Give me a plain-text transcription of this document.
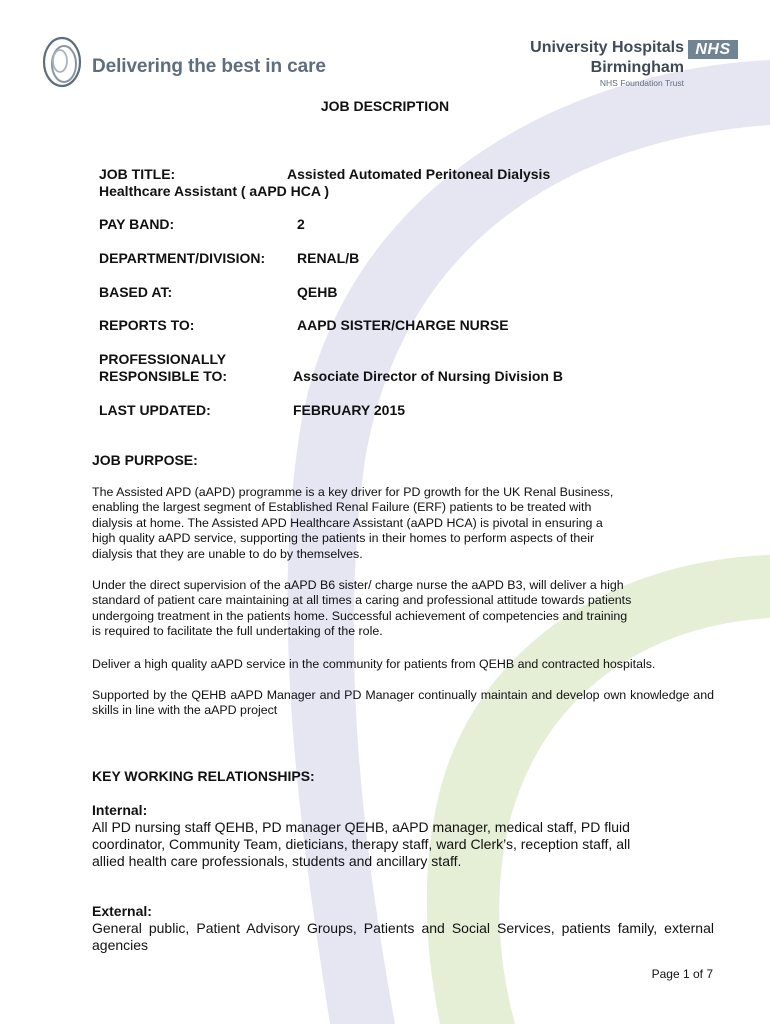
Delivering the best in care
University Hospitals
Birmingham
NHS
NHS Foundation Trust
JOB DESCRIPTION
JOB TITLE:	Assisted Automated Peritoneal Dialysis
Healthcare Assistant ( aAPD HCA )
PAY BAND:	2
DEPARTMENT/DIVISION: RENAL/B
BASED AT:	QEHB
REPORTS TO:	AAPD SISTER/CHARGE NURSE
PROFESSIONALLY
RESPONSIBLE TO:	Associate Director of Nursing Division B
LAST UPDATED:	FEBRUARY 2015
JOB PURPOSE:
The Assisted APD (aAPD) programme is a key driver for PD growth for the UK Renal Business,
enabling the largest segment of Established Renal Failure (ERF) patients to be treated with
dialysis at home. The Assisted APD Healthcare Assistant (aAPD HCA) is pivotal in ensuring a
high quality aAPD service, supporting the patients in their homes to perform aspects of their
dialysis that they are unable to do by themselves.
Under the direct supervision of the aAPD B6 sister/ charge nurse the aAPD B3, will deliver a high
standard of patient care maintaining at all times a caring and professional attitude towards patients
undergoing treatment in the patients home. Successful achievement of competencies and training
is required to facilitate the full undertaking of the role.
Deliver a high quality aAPD service in the community for patients from QEHB and contracted hospitals.
Supported by the QEHB aAPD Manager and PD Manager continually maintain and develop own knowledge and skills in line with the aAPD project
KEY WORKING RELATIONSHIPS:
Internal:
All PD nursing staff QEHB, PD manager QEHB, aAPD manager, medical staff, PD fluid
coordinator, Community Team, dieticians, therapy staff, ward Clerk’s, reception staff, all
allied health care professionals, students and ancillary staff.
External:
General public, Patient Advisory Groups, Patients and Social Services, patients family, external agencies
Page 1 of 7
